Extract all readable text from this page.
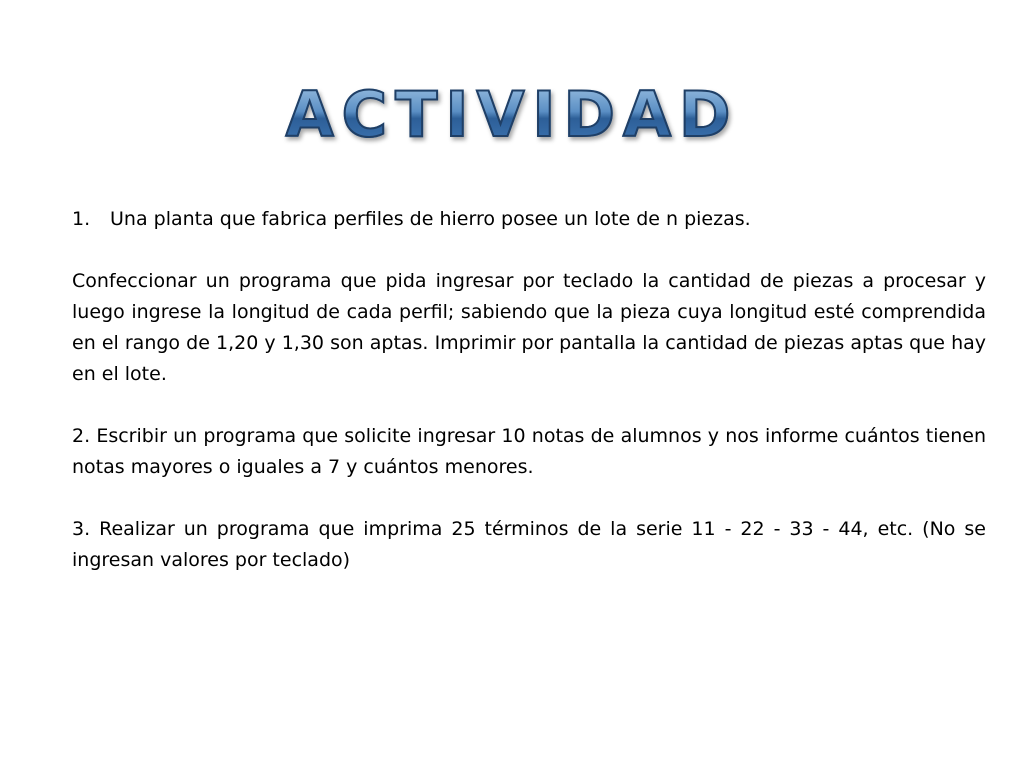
ACTIVIDAD
1.	Una planta que fabrica perfiles de hierro posee un lote de n piezas.

Confeccionar un programa que pida ingresar por teclado la cantidad de piezas a procesar y luego ingrese la longitud de cada perfil; sabiendo que la pieza cuya longitud esté comprendida en el rango de 1,20 y 1,30 son aptas. Imprimir por pantalla la cantidad de piezas aptas que hay en el lote.

2. Escribir un programa que solicite ingresar 10 notas de alumnos y nos informe cuántos tienen notas mayores o iguales a 7 y cuántos menores.

3. Realizar un programa que imprima 25 términos de la serie 11 - 22 - 33 - 44, etc. (No se ingresan valores por teclado)
